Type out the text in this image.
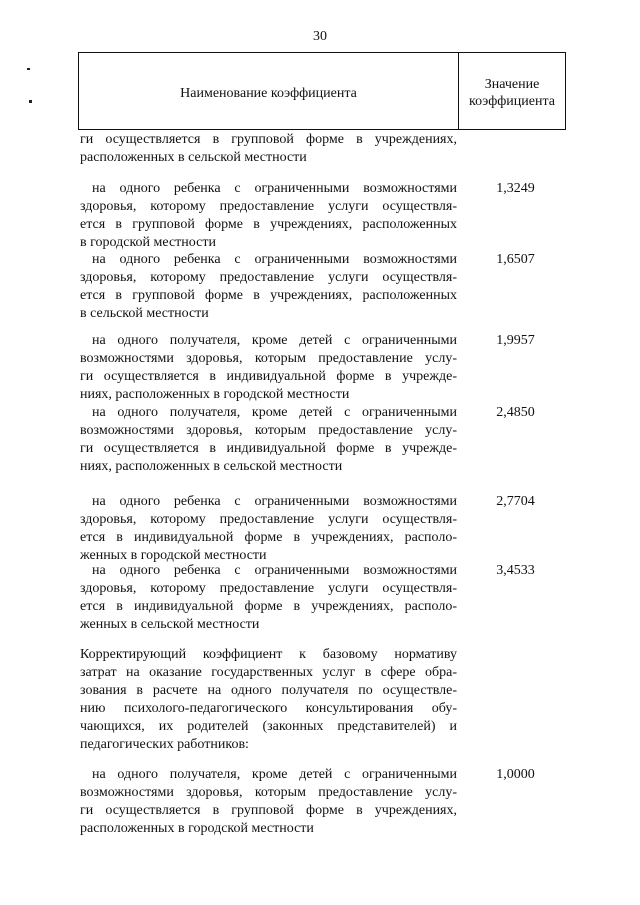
30
Наименование коэффициента
Значение
коэффициента
ги осуществляется в групповой форме в учреждениях,
расположенных в сельской местности
на одного ребенка с ограниченными возможностями
здоровья, которому предоставление услуги осуществля-
ется в групповой форме в учреждениях, расположенных
в городской местности
1,3249
на одного ребенка с ограниченными возможностями
здоровья, которому предоставление услуги осуществля-
ется в групповой форме в учреждениях, расположенных
в сельской местности
1,6507
на одного получателя, кроме детей с ограниченными
возможностями здоровья, которым предоставление услу-
ги осуществляется в индивидуальной форме в учрежде-
ниях, расположенных в городской местности
1,9957
на одного получателя, кроме детей с ограниченными
возможностями здоровья, которым предоставление услу-
ги осуществляется в индивидуальной форме в учрежде-
ниях, расположенных в сельской местности
2,4850
на одного ребенка с ограниченными возможностями
здоровья, которому предоставление услуги осуществля-
ется в индивидуальной форме в учреждениях, располо-
женных в городской местности
2,7704
на одного ребенка с ограниченными возможностями
здоровья, которому предоставление услуги осуществля-
ется в индивидуальной форме в учреждениях, располо-
женных в сельской местности
3,4533
Корректирующий коэффициент к базовому нормативу
затрат на оказание государственных услуг в сфере обра-
зования в расчете на одного получателя по осуществле-
нию психолого-педагогического консультирования обу-
чающихся, их родителей (законных представителей) и
педагогических работников:
на одного получателя, кроме детей с ограниченными
возможностями здоровья, которым предоставление услу-
ги осуществляется в групповой форме в учреждениях,
расположенных в городской местности
1,0000
